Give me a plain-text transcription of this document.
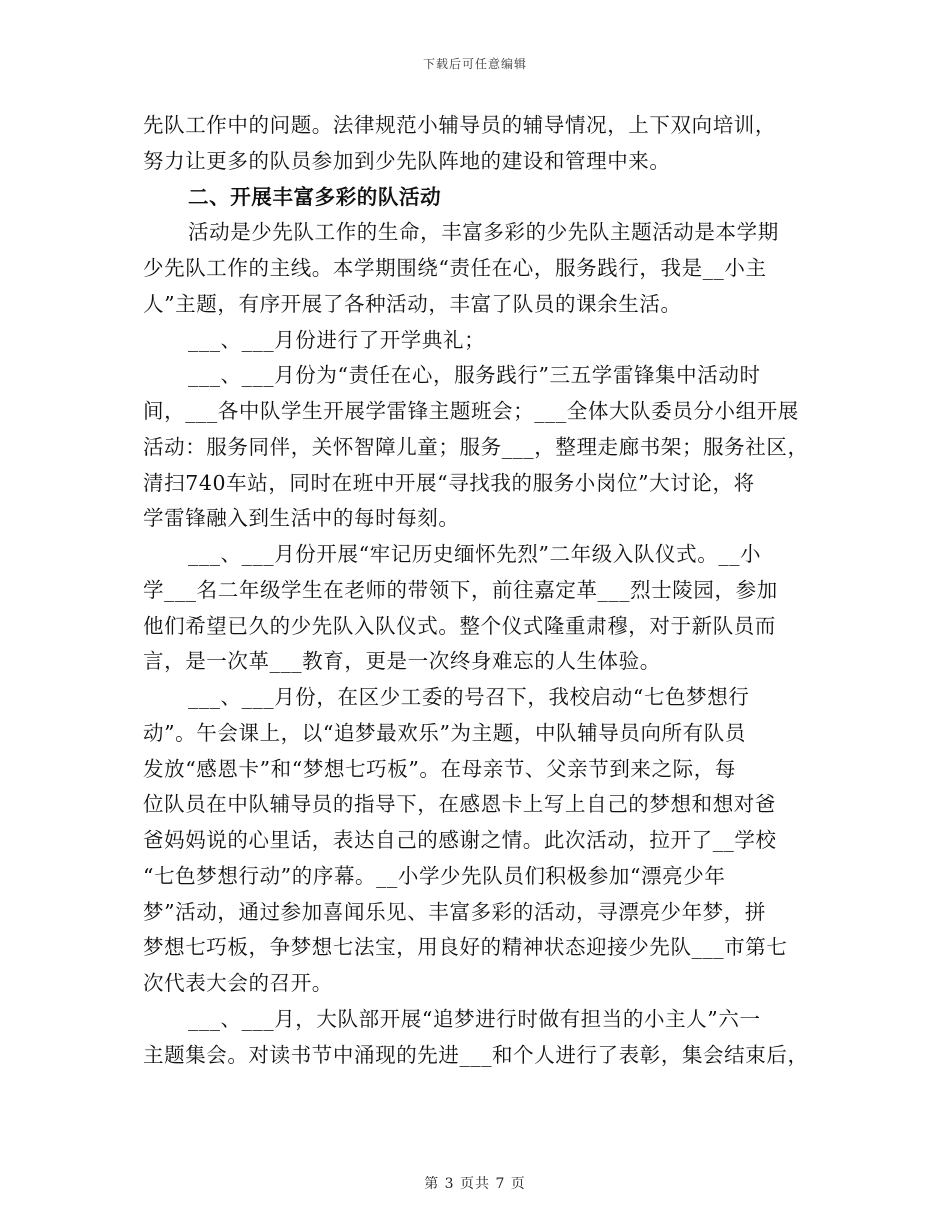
下载后可任意编辑
先队工作中的问题。法律规范小辅导员的辅导情况，上下双向培训，
努力让更多的队员参加到少先队阵地的建设和管理中来。
二、开展丰富多彩的队活动
活动是少先队工作的生命，丰富多彩的少先队主题活动是本学期
少先队工作的主线。本学期围绕“责任在心，服务践行，我是__小主
人”主题，有序开展了各种活动，丰富了队员的课余生活。
___、___月份进行了开学典礼；
___、___月份为“责任在心，服务践行”三五学雷锋集中活动时
间，___各中队学生开展学雷锋主题班会；___全体大队委员分小组开展
活动：服务同伴，关怀智障儿童；服务___，整理走廊书架；服务社区，
清扫740车站，同时在班中开展“寻找我的服务小岗位”大讨论，将
学雷锋融入到生活中的每时每刻。
___、___月份开展“牢记历史缅怀先烈”二年级入队仪式。__小
学___名二年级学生在老师的带领下，前往嘉定革___烈士陵园，参加
他们希望已久的少先队入队仪式。整个仪式隆重肃穆，对于新队员而
言，是一次革___教育，更是一次终身难忘的人生体验。
___、___月份，在区少工委的号召下，我校启动“七色梦想行
动”。午会课上，以“追梦最欢乐”为主题，中队辅导员向所有队员
发放“感恩卡”和“梦想七巧板”。在母亲节、父亲节到来之际，每
位队员在中队辅导员的指导下，在感恩卡上写上自己的梦想和想对爸
爸妈妈说的心里话，表达自己的感谢之情。此次活动，拉开了__学校
“七色梦想行动”的序幕。__小学少先队员们积极参加“漂亮少年
梦”活动，通过参加喜闻乐见、丰富多彩的活动，寻漂亮少年梦，拼
梦想七巧板，争梦想七法宝，用良好的精神状态迎接少先队___市第七
次代表大会的召开。
___、___月，大队部开展“追梦进行时做有担当的小主人”六一
主题集会。对读书节中涌现的先进___和个人进行了表彰，集会结束后，
第 3 页共 7 页
